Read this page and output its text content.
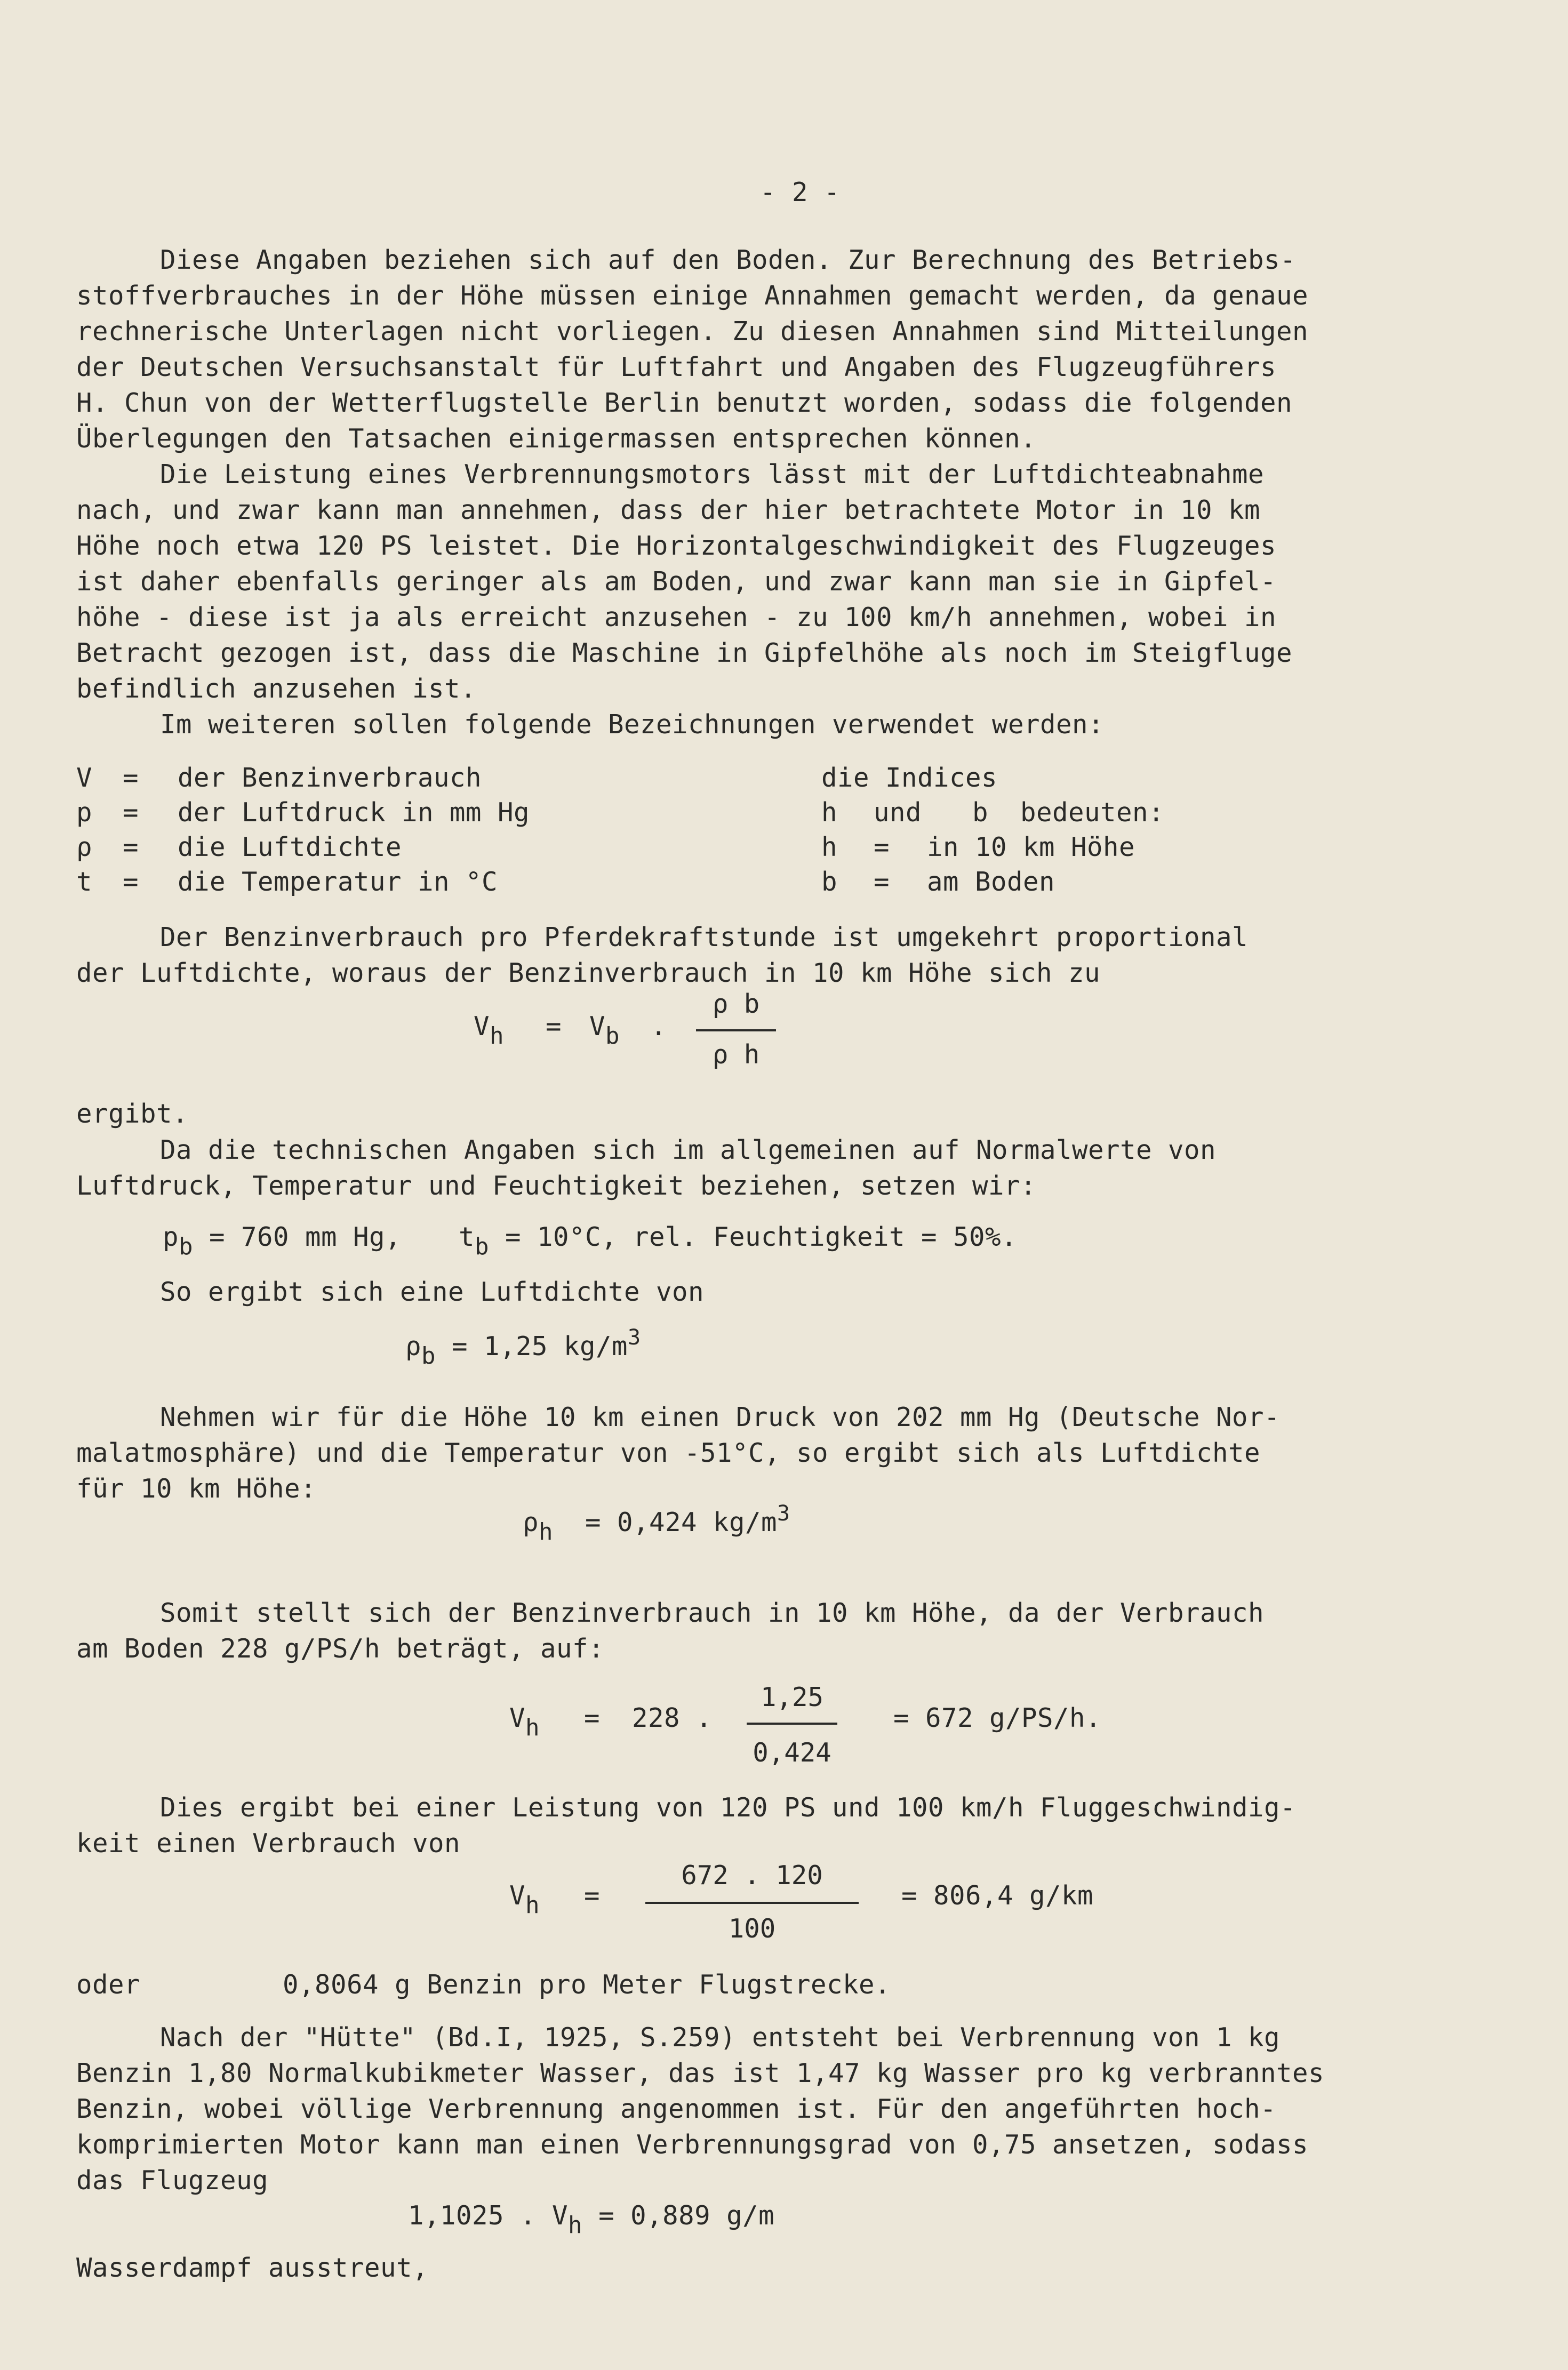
- 2 -
Diese Angaben beziehen sich auf den Boden. Zur Berechnung des Betriebs-
stoffverbrauches in der Höhe müssen einige Annahmen gemacht werden, da genaue
rechnerische Unterlagen nicht vorliegen. Zu diesen Annahmen sind Mitteilungen
der Deutschen Versuchsanstalt für Luftfahrt und Angaben des Flugzeugführers
H. Chun von der Wetterflugstelle Berlin benutzt worden, sodass die folgenden
Überlegungen den Tatsachen einigermassen entsprechen können.
Die Leistung eines Verbrennungsmotors lässt mit der Luftdichteabnahme
nach, und zwar kann man annehmen, dass der hier betrachtete Motor in 10 km
Höhe noch etwa 120 PS leistet. Die Horizontalgeschwindigkeit des Flugzeuges
ist daher ebenfalls geringer als am Boden, und zwar kann man sie in Gipfel-
höhe - diese ist ja als erreicht anzusehen - zu 100 km/h annehmen, wobei in
Betracht gezogen ist, dass die Maschine in Gipfelhöhe als noch im Steigfluge
befindlich anzusehen ist.
Im weiteren sollen folgende Bezeichnungen verwendet werden:
V = der Benzinverbrauch
p = der Luftdruck in mm Hg
ρ = die Luftdichte
t = die Temperatur in °C
die Indices
h und b  bedeuten:
h = in 10 km Höhe
b = am Boden
Der Benzinverbrauch pro Pferdekraftstunde ist umgekehrt proportional
der Luftdichte, woraus der Benzinverbrauch in 10 km Höhe sich zu
Vh = Vb .
ρ b
ρ h
ergibt.
Da die technischen Angaben sich im allgemeinen auf Normalwerte von
Luftdruck, Temperatur und Feuchtigkeit beziehen, setzen wir:
pb = 760 mm Hg, tb = 10°C, rel. Feuchtigkeit = 50%.
So ergibt sich eine Luftdichte von
ρb = 1,25 $kg/m^3$
Nehmen wir für die Höhe 10 km einen Druck von 202 mm Hg (Deutsche Nor-
malatmosphäre) und die Temperatur von -51°C, so ergibt sich als Luftdichte
für 10 km Höhe:
ρh = 0,424 $kg/m^3$
Somit stellt sich der Benzinverbrauch in 10 km Höhe, da der Verbrauch
am Boden 228 g/PS/h beträgt, auf:
Vh = 228 .
1,25
0,424
= 672 g/PS/h.
Dies ergibt bei einer Leistung von 120 PS und 100 km/h Fluggeschwindig-
keit einen Verbrauch von
Vh =
672 . 120
100
= 806,4 g/km
oder	0,8064 g Benzin pro Meter Flugstrecke.
Nach der "Hütte" (Bd.I, 1925, S.259) entsteht bei Verbrennung von 1 kg
Benzin 1,80 Normalkubikmeter Wasser, das ist 1,47 kg Wasser pro kg verbranntes
Benzin, wobei völlige Verbrennung angenommen ist. Für den angeführten hoch-
komprimierten Motor kann man einen Verbrennungsgrad von 0,75 ansetzen, sodass
das Flugzeug
1,1025 . Vh = 0,889 g/m
Wasserdampf ausstreut,
